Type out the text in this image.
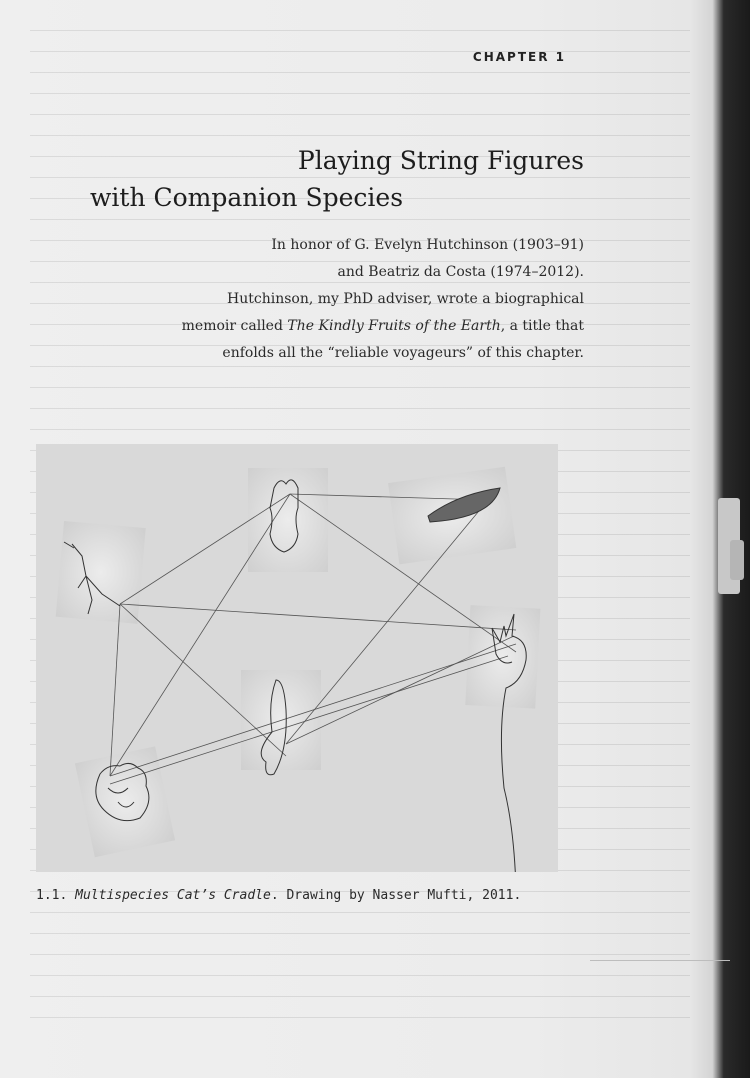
CHAPTER 1
Playing String Figures
with Companion Species
In honor of G. Evelyn Hutchinson (1903–91)
and Beatriz da Costa (1974–2012).
Hutchinson, my PhD adviser, wrote a biographical
memoir called The Kindly Fruits of the Earth, a title that
enfolds all the “reliable voyageurs” of this chapter.
1.1. Multispecies Cat’s Cradle. Drawing by Nasser Mufti, 2011.
